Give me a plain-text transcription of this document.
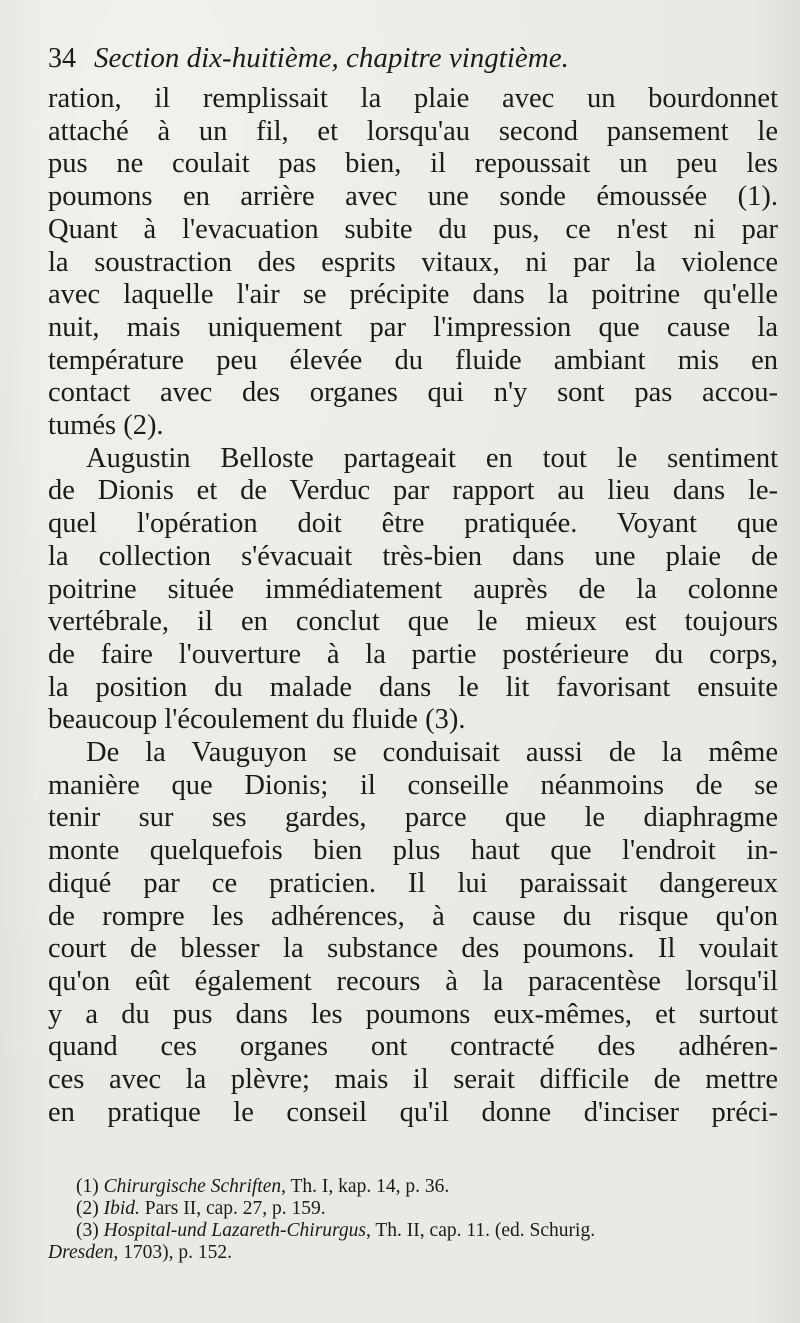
34 Section dix-huitième, chapitre vingtième.
ration, il remplissait la plaie avec un bourdonnet
attaché à un fil, et lorsqu'au second pansement le
pus ne coulait pas bien, il repoussait un peu les
poumons en arrière avec une sonde émoussée (1).
Quant à l'evacuation subite du pus, ce n'est ni par
la soustraction des esprits vitaux, ni par la violence
avec laquelle l'air se précipite dans la poitrine qu'elle
nuit, mais uniquement par l'impression que cause la
température peu élevée du fluide ambiant mis en
contact avec des organes qui n'y sont pas accou-
tumés (2).
Augustin Belloste partageait en tout le sentiment
de Dionis et de Verduc par rapport au lieu dans le-
quel l'opération doit être pratiquée. Voyant que
la collection s'évacuait très-bien dans une plaie de
poitrine située immédiatement auprès de la colonne
vertébrale, il en conclut que le mieux est toujours
de faire l'ouverture à la partie postérieure du corps,
la position du malade dans le lit favorisant ensuite
beaucoup l'écoulement du fluide (3).
De la Vauguyon se conduisait aussi de la même
manière que Dionis; il conseille néanmoins de se
tenir sur ses gardes, parce que le diaphragme
monte quelquefois bien plus haut que l'endroit in-
diqué par ce praticien. Il lui paraissait dangereux
de rompre les adhérences, à cause du risque qu'on
court de blesser la substance des poumons. Il voulait
qu'on eût également recours à la paracentèse lorsqu'il
y a du pus dans les poumons eux-mêmes, et surtout
quand ces organes ont contracté des adhéren-
ces avec la plèvre; mais il serait difficile de mettre
en pratique le conseil qu'il donne d'inciser préci-
(1) Chirurgische Schriften, Th. I, kap. 14, p. 36.
(2) Ibid. Pars II, cap. 27, p. 159.
(3) Hospital-und Lazareth-Chirurgus, Th. II, cap. 11. (ed. Schurig.
Dresden, 1703), p. 152.
